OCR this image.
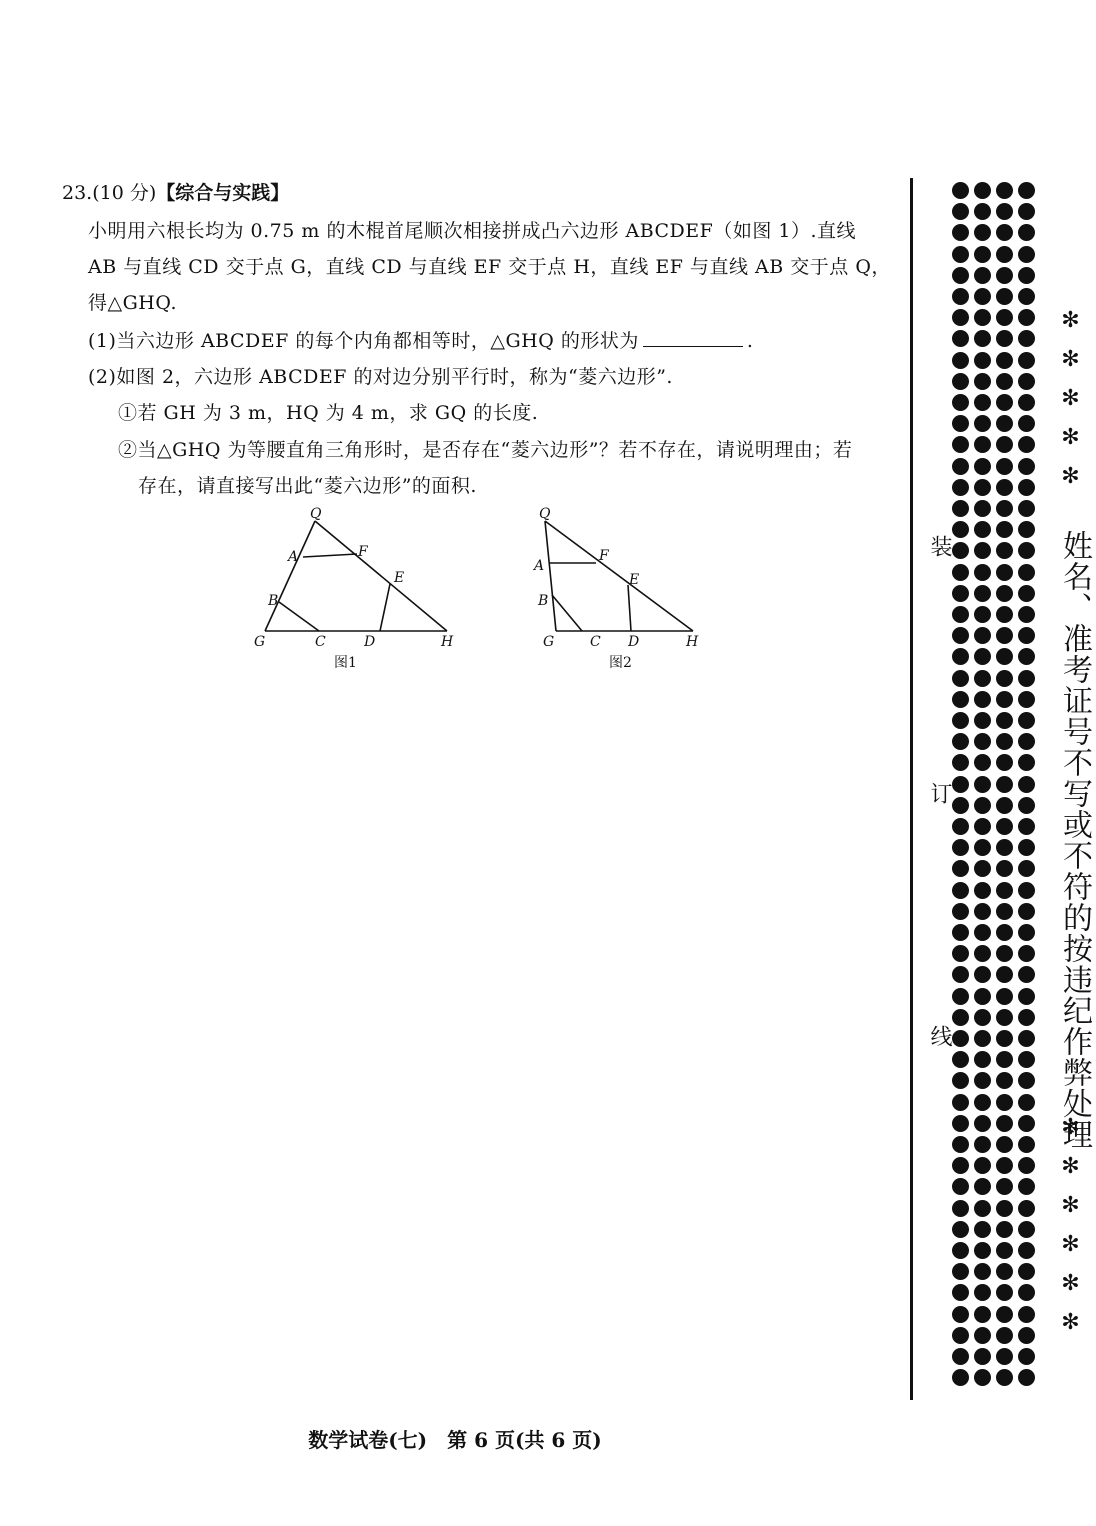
23.(10 分)【综合与实践】
小明用六根长均为 0.75 m 的木棍首尾顺次相接拼成凸六边形 ABCDEF（如图 1）.直线
AB 与直线 CD 交于点 G，直线 CD 与直线 EF 交于点 H，直线 EF 与直线 AB 交于点 Q，
得△GHQ.
(1)当六边形 ABCDEF 的每个内角都相等时，△GHQ 的形状为	.
(2)如图 2，六边形 ABCDEF 的对边分别平行时，称为“菱六边形”.
①若 GH 为 3 m，HQ 为 4 m，求 GQ 的长度.
②当△GHQ 为等腰直角三角形时，是否存在“菱六边形”？若不存在，请说明理由；若
存在，请直接写出此“菱六边形”的面积.
Q
A	F
E
B
G	C	D	H
图1
Q
A
F
E
B
G	C D	H
图2
装
订
线
✻✻✻✻✻
姓名、准考证号不写或不符的按违纪作弊处理
✻✻✻✻✻✻
数学试卷(七)　第 6 页(共 6 页)
